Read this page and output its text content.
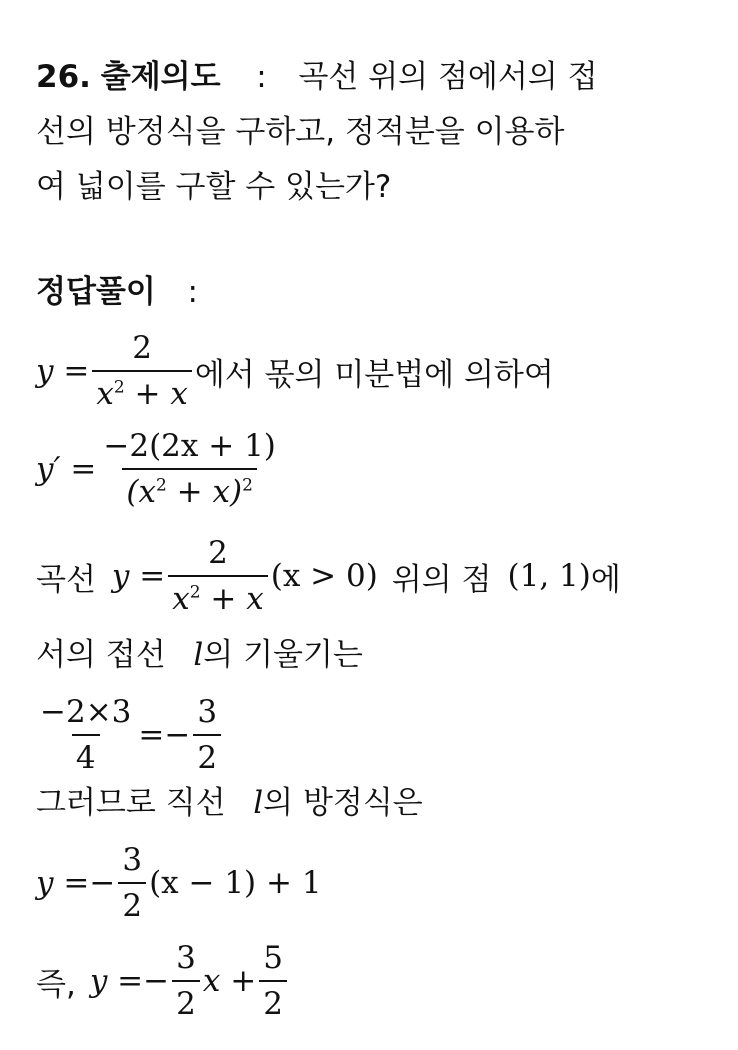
26. 출제의도 : 곡선 위의 점에서의 접
선의 방정식을 구하고, 정적분을 이용하
여 넓이를 구할 수 있는가?
정답풀이 :
$y = \frac{2}{x^2 + x}$ 에서 몫의 미분법에 의하여
$y' = \frac{-2(2x + 1)}{(x^2 + x)^2}$
곡선 $y = \frac{2}{x^2 + x} (x > 0)$ 위의 점 (1, 1) 에
서의 접선 l의 기울기는
$\frac{-2\times 3}{4} =- \frac{3}{2}$
그러므로 직선 l의 방정식은
$y =- \frac{3}{2} (x - 1) + 1$
즉, $y =- \frac{3}{2}$ $x + \frac{5}{2}$
